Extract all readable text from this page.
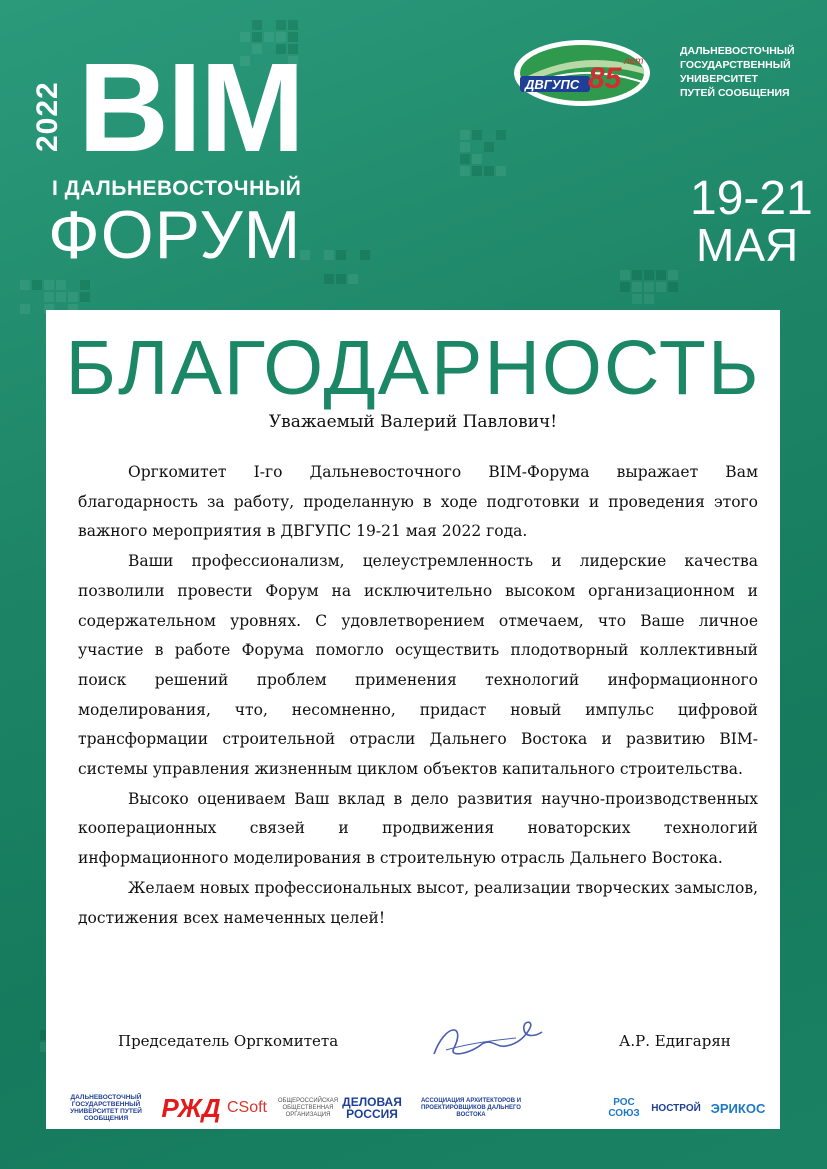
2022 BIM
I ДАЛЬНЕВОСТОЧНЫЙ
ФОРУМ
ДВГУПС 85
лет
ДАЛЬНЕВОСТОЧНЫЙ
ГОСУДАРСТВЕННЫЙ
УНИВЕРСИТЕТ
ПУТЕЙ СООБЩЕНИЯ
19-21
МАЯ
БЛАГОДАРНОСТЬ
Уважаемый Валерий Павлович!

Оргкомитет I-го Дальневосточного BIM-Форума выражает Вам благодарность за работу, проделанную в ходе подготовки и проведения этого важного мероприятия в ДВГУПС 19-21 мая 2022 года.

Ваши профессионализм, целеустремленность и лидерские качества позволили провести Форум на исключительно высоком организационном и содержательном уровнях. С удовлетворением отмечаем, что Ваше личное участие в работе Форума помогло осуществить плодотворный коллективный поиск решений проблем применения технологий информационного моделирования, что, несомненно, придаст новый импульс цифровой трансформации строительной отрасли Дальнего Востока и развитию BIM-системы управления жизненным циклом объектов капитального строительства.

Высоко оцениваем Ваш вклад в дело развития научно-производственных кооперационных связей и продвижения новаторских технологий информационного моделирования в строительную отрасль Дальнего Востока.

Желаем новых профессиональных высот, реализации творческих замыслов, достижения всех намеченных целей!

Председатель Оргкомитета	А.Р. Едигарян
ДАЛЬНЕВОСТОЧНЫЙ ГОСУДАРСТВЕННЫЙ УНИВЕРСИТЕТ ПУТЕЙ СООБЩЕНИЯ	РЖД CSoft	ОБЩЕРОССИЙСКАЯ ОБЩЕСТВЕННАЯ ОРГАНИЗАЦИЯ
ДЕЛОВАЯ РОССИЯ
АССОЦИАЦИЯ АРХИТЕКТОРОВ И ПРОЕКТИРОВЩИКОВ ДАЛЬНЕГО ВОСТОКА
РОС СОЮЗ	НОСТРОЙ ЭРИКОС
